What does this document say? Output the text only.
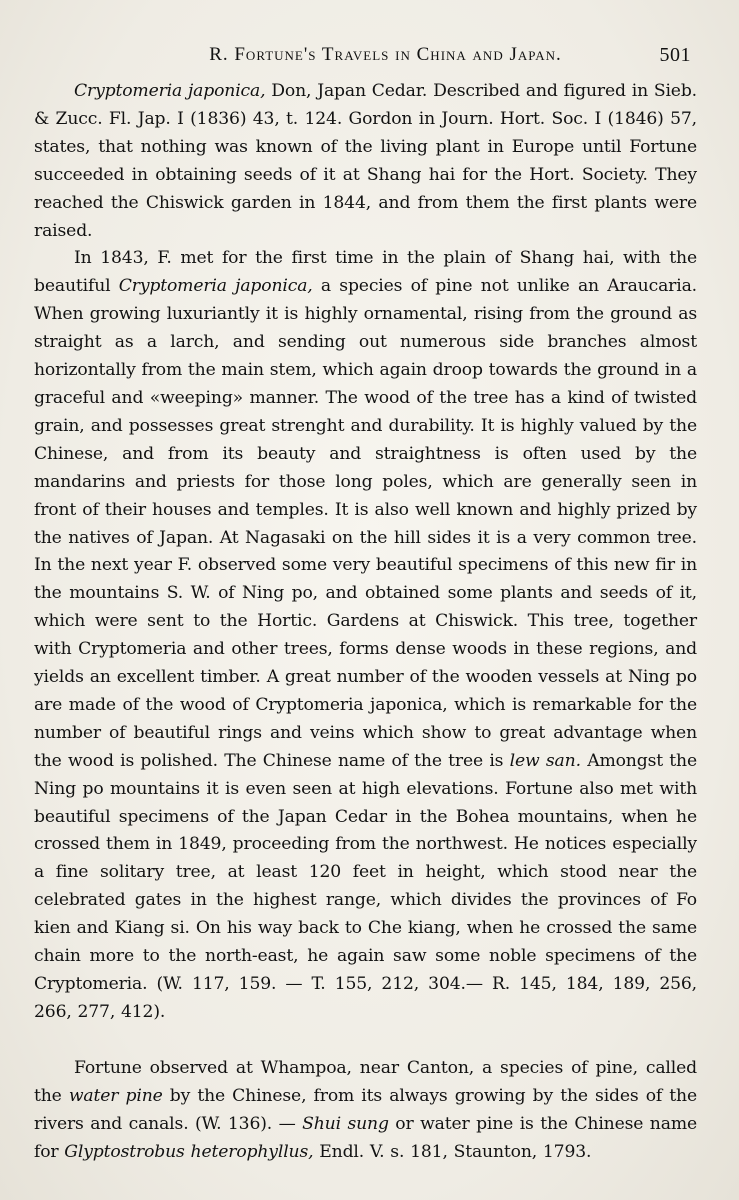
R. Fortune's Travels in China and Japan.	501

Cryptomeria japonica, Don, Japan Cedar. Described and figured in Sieb. & Zucc. Fl. Jap. I (1836) 43, t. 124. Gordon in Journ. Hort. Soc. I (1846) 57, states, that nothing was known of the living plant in Europe until Fortune succeeded in obtaining seeds of it at Shang hai for the Hort. Society. They reached the Chiswick garden in 1844, and from them the first plants were raised.

In 1843, F. met for the first time in the plain of Shang hai, with the beautiful Cryptomeria japonica, a species of pine not unlike an Araucaria. When growing luxuriantly it is highly ornamental, rising from the ground as straight as a larch, and sending out numerous side branches almost horizontally from the main stem, which again droop towards the ground in a graceful and «weeping» manner. The wood of the tree has a kind of twisted grain, and possesses great strenght and durability. It is highly valued by the Chinese, and from its beauty and straightness is often used by the mandarins and priests for those long poles, which are generally seen in front of their houses and temples. It is also well known and highly prized by the natives of Japan. At Nagasaki on the hill sides it is a very common tree. In the next year F. observed some very beautiful specimens of this new fir in the mountains S. W. of Ning po, and obtained some plants and seeds of it, which were sent to the Hortic. Gardens at Chiswick. This tree, together with Cryptomeria and other trees, forms dense woods in these regions, and yields an excellent timber. A great number of the wooden vessels at Ning po are made of the wood of Cryptomeria japonica, which is remarkable for the number of beautiful rings and veins which show to great advantage when the wood is polished. The Chinese name of the tree is lew san. Amongst the Ning po mountains it is even seen at high elevations. Fortune also met with beautiful specimens of the Japan Cedar in the Bohea mountains, when he crossed them in 1849, proceeding from the northwest. He notices especially a fine solitary tree, at least 120 feet in height, which stood near the celebrated gates in the highest range, which divides the provinces of Fo kien and Kiang si. On his way back to Che kiang, when he crossed the same chain more to the north-east, he again saw some noble specimens of the Cryptomeria. (W. 117, 159. — T. 155, 212, 304.— R. 145, 184, 189, 256, 266, 277, 412).

Fortune observed at Whampoa, near Canton, a species of pine, called the water pine by the Chinese, from its always growing by the sides of the rivers and canals. (W. 136). — Shui sung or water pine is the Chinese name for Glyptostrobus heterophyllus, Endl. V. s. 181, Staunton, 1793.
